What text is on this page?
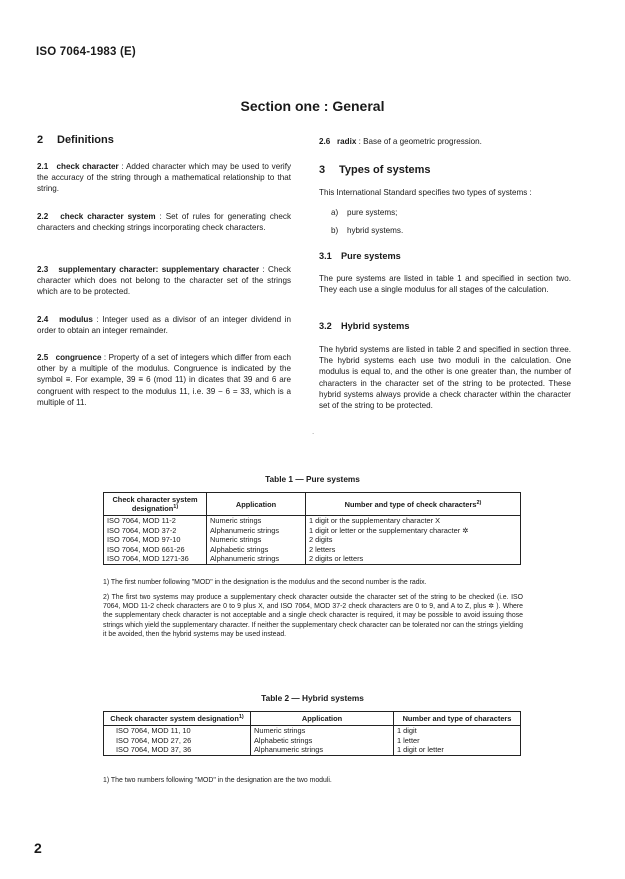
ISO 7064-1983 (E)
Section one : General
2 Definitions
2.1 check character : Added character which may be used to verify the accuracy of the string through a mathematical relationship to that string.
2.2 check character system : Set of rules for generating check characters and checking strings incorporating check characters.
2.3 supplementary character: supplementary character : Check character which does not belong to the character set of the strings which are to be protected.
2.4 modulus : Integer used as a divisor of an integer dividend in order to obtain an integer remainder.
2.5 congruence : Property of a set of integers which differ from each other by a multiple of the modulus. Congruence is indicated by the symbol ≡. For example, 39 ≡ 6 (mod 11) in dicates that 39 and 6 are congruent with respect to the modulus 11, i.e. 39 − 6 = 33, which is a multiple of 11.
2.6 radix : Base of a geometric progression.
3 Types of systems
This International Standard specifies two types of systems :
a) pure systems;
b) hybrid systems.
3.1 Pure systems
The pure systems are listed in table 1 and specified in section two. They each use a single modulus for all stages of the calculation.
3.2 Hybrid systems
The hybrid systems are listed in table 2 and specified in section three. The hybrid systems each use two moduli in the calculation. One modulus is equal to, and the other is one greater than, the number of characters in the character set of the string to be protected. These hybrid systems always provide a check character within the character set of the string to be protected.
.
Table 1 — Pure systems
Check character system designation$^{1)}$	Application	Number and type of check characters$^{2)}$
ISO 7064, MOD 11-2	Numeric strings	1 digit or the supplementary character X
ISO 7064, MOD 37-2	Alphanumeric strings	1 digit or letter or the supplementary character ✲
ISO 7064, MOD 97-10	Numeric strings	2 digits
ISO 7064, MOD 661-26	Alphabetic strings	2 letters
ISO 7064, MOD 1271-36	Alphanumeric strings	2 digits or letters
1) The first number following "MOD" in the designation is the modulus and the second number is the radix.
2) The first two systems may produce a supplementary check character outside the character set of the string to be checked (i.e. ISO 7064, MOD 11-2 check characters are 0 to 9 plus X, and ISO 7064, MOD 37-2 check characters are 0 to 9, and A to Z, plus ✲ ). Where the supplementary check character is not acceptable and a single check character is required, it may be possible to avoid issuing those strings which yield the supplementary character. If neither the supplementary check character can be tolerated nor can the strings yielding it be avoided, then the hybrid systems may be used instead.
Table 2 — Hybrid systems
Check character system designation$^{1)}$	Application	Number and type of characters
ISO 7064, MOD 11, 10	Numeric strings	1 digit
ISO 7064, MOD 27, 26	Alphabetic strings	1 letter
ISO 7064, MOD 37, 36	Alphanumeric strings	1 digit or letter
1) The two numbers following "MOD" in the designation are the two moduli.
2
